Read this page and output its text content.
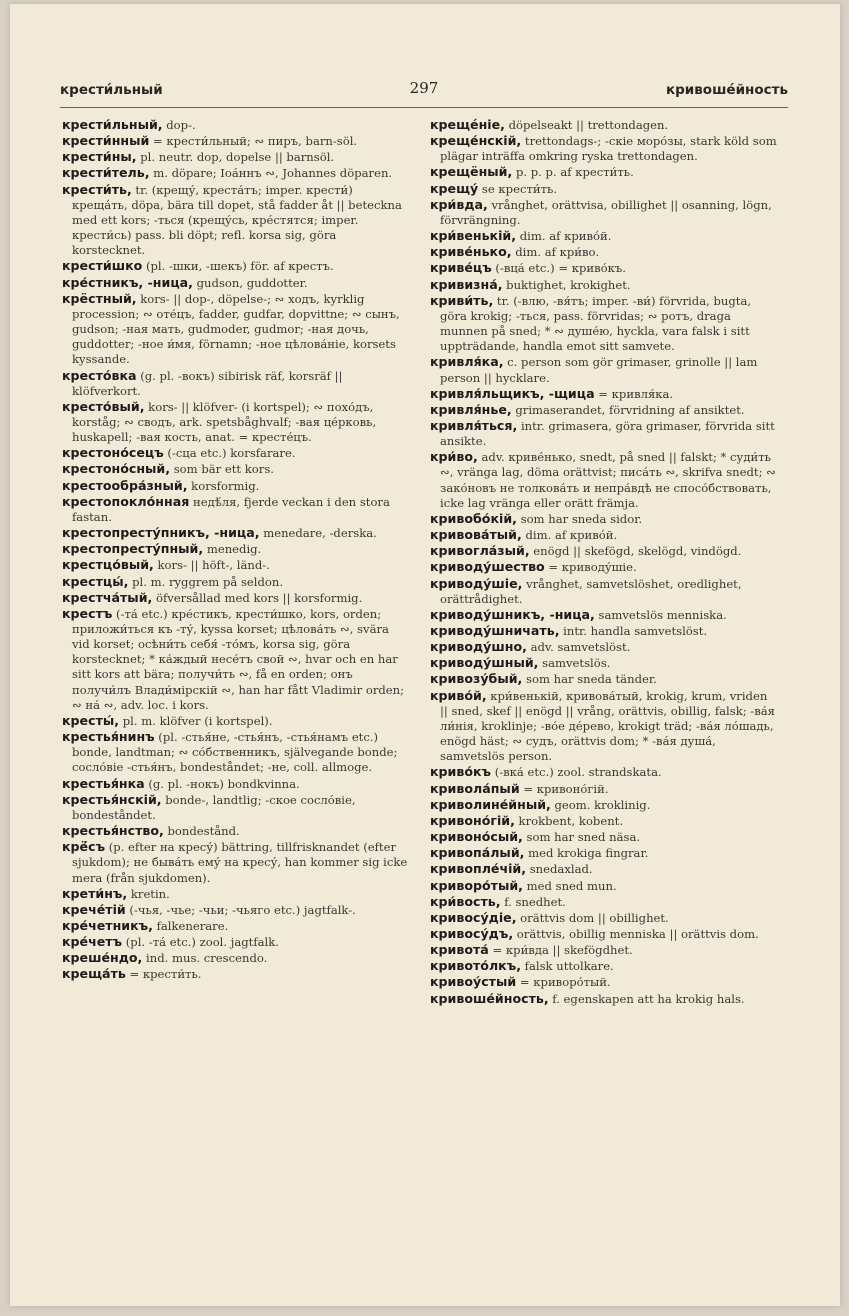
крести́льный	297	кривоше́йность

крести́льный, dop-.

крести́нный = крести́льный; ∾ пиръ, barn-söl.

крести́ны, pl. neutr. dop, dopelse || barnsöl.

крести́тель, m. döpare; Іоа́ннъ ∾, Johannes döparen.

крести́ть, tr. (крещу́, креста́тъ; imper. крести́) крещáть, döpa, bära till dopet, stå fadder åt || beteckna med ett kors; -ться (крещу́сь, кре́стятся; imper. крести́сь) pass. bli döpt; refl. korsa sig, göra korstecknet.

крести́шко (pl. -шки, -шекъ) för. af крестъ.

кре́стникъ, -ница, gudson, guddotter.

крёстный, kors- || dop-, döpelse-; ∾ ходъ, kyrklig procession; ∾ оте́цъ, fadder, gudfar, dopvittne; ∾ сынъ, gudson; -ная мать, gudmoder, gudmor; -ная дочь, guddotter; -ное и́мя, förnamn; -ное цѣлова́ніе, korsets kyssande.

кресто́вка (g. pl. -вокъ) sibirisk räf, korsräf || klöfverkort.

кресто́вый, kors- || klöfver- (i kortspel); ∾ похо́дъ, korståg; ∾ сводъ, ark. spetsbåghvalf; -вая це́рковь, huskapell; -вая кость, anat. = кресте́цъ.

крестоно́сецъ (-сца etc.) korsfarare.

крестоно́сный, som bär ett kors.

крестообра́зный, korsformig.

крестопокло́нная недѣ́ля, fjerde veckan i den stora fastan.

крестопресту́пникъ, -ница, menedare, -derska.

крестопресту́пный, menedig.

крестцо́вый, kors- || höft-, länd-.

крестцы́, pl. m. ryggrem på seldon.

крестча́тый, öfversållad med kors || korsformig.

крестъ (-та́ etc.) кре́стикъ, крести́шко, kors, orden; приложи́ться къ -ту́, kyssa korset; цѣлова́ть ∾, svära vid korset; осѣни́ть себя́ -то́мъ, korsa sig, göra korstecknet; * ка́ждый несе́тъ свой ∾, hvar och en har sitt kors att bära; получи́ть ∾, få en orden; онъ получи́лъ Влади́мірскій ∾, han har fått Vladimir orden; ∾ на́ ∾, adv. loc. i kors.

кресты́, pl. m. klöfver (i kortspel).

крестья́нинъ (pl. -стья́не, -стья́нъ, -стья́намъ etc.) bonde, landtman; ∾ со́бственникъ, självegande bonde; сосло́віе -стья́нъ, bondeståndet; -не, coll. allmoge.

крестья́нка (g. pl. -нокъ) bondkvinna.

крестья́нскій, bonde-, landtlig; -ское сосло́віе, bondeståndet.

крестья́нство, bondestånd.

крё́съ (p. efter на кресу́) bättring, tillfrisknandet (efter sjukdom); не быва́ть ему́ на кресу́, han kommer sig icke mera (från sjukdomen).

крети́нъ, kretin.

крече́тій (-чья, -чье; -чьи; -чьяго etc.) jagtfalk-.

кре́четникъ, falkenerare.

кре́четъ (pl. -та́ etc.) zool. jagtfalk.

креше́ндо, ind. mus. crescendo.

креща́ть = крести́ть.

крещéніе, döpelseakt || trettondagen.

креще́нскій, trettondags-; -скіе моро́зы, stark köld som plägar inträffa omkring ryska trettondagen.

крещёный, p. p. p. af крести́ть.

крещу́ se крести́ть.

кри́вда, vrånghet, orättvisa, obillighet || osanning, lögn, förvrängning.

кри́венькій, dim. af кривóй.

криве́нько, dim. af кри́во.

криве́цъ (-вца́ etc.) = криво́къ.

кривизна́, buktighet, krokighet.

криви́ть, tr. (-влю, -вя́тъ; imper. -ви́) förvrida, bugta, göra krokig; -ться, pass. förvridas; ∾ ротъ, draga munnen på sned; * ∾ душе́ю, hyckla, vara falsk i sitt uppträdande, handla emot sitt samvete.

кривля́ка, c. person som gör grimaser, grinolle || lam person || hycklare.

кривля́льщикъ, -щица = кривля́ка.

кривля́нье, grimaserandet, förvridning af ansiktet.

кривля́ться, intr. grimasera, göra grimaser, förvrida sitt ansikte.

кри́во, adv. криве́нько, snedt, på sned || falskt; * суди́ть ∾, vränga lag, döma orättvist; писа́ть ∾, skrifva snedt; ∾ зако́новъ не толкова́ть и непра́вдѣ не спосо́бствовать, icke lag vränga eller orätt främja.

кривобо́кій, som har sneda sidor.

кривова́тый, dim. af кривóй.

кривогла́зый, enögd || skefögd, skelögd, vindögd.

криводу́шество = криводу́шіе.

криводу́шіе, vrånghet, samvetslöshet, oredlighet, orättrådighet.

криводу́шникъ, -ница, samvetslös menniska.

криводу́шничать, intr. handla samvetslöst.

криводу́шно, adv. samvetslöst.

криводу́шный, samvetslös.

кривозу́бый, som har sneda tänder.

криво́й, кри́венькій, кривова́тый, krokig, krum, vriden || sned, skef || enögd || vrång, orättvis, obillig, falsk; -ва́я ли́нія, kroklinje; -во́е де́рево, krokigt träd; -ва́я ло́шадь, enögd häst; ∾ судъ, orättvis dom; * -ва́я душа́, samvetslös person.

криво́къ (-вка́ etc.) zool. strandskata.

кривола́пый = кривоно́гій.

криволине́йный, geom. kroklinig.

кривоно́гій, krokbent, kobent.

кривоно́сый, som har sned näsa.

кривопа́лый, med krokiga fingrar.

кривопле́чій, snedaxlad.

криворо́тый, med sned mun.

кри́вость, f. snedhet.

кривосу́діе, orättvis dom || obillighet.

кривосу́дъ, orättvis, obillig menniska || orättvis dom.

кривота́ = кри́вда || skefögdhet.

кривото́лкъ, falsk uttolkare.

кривоу́стый = криворо́тый.

кривоше́йность, f. egenskapen att ha krokig hals.
